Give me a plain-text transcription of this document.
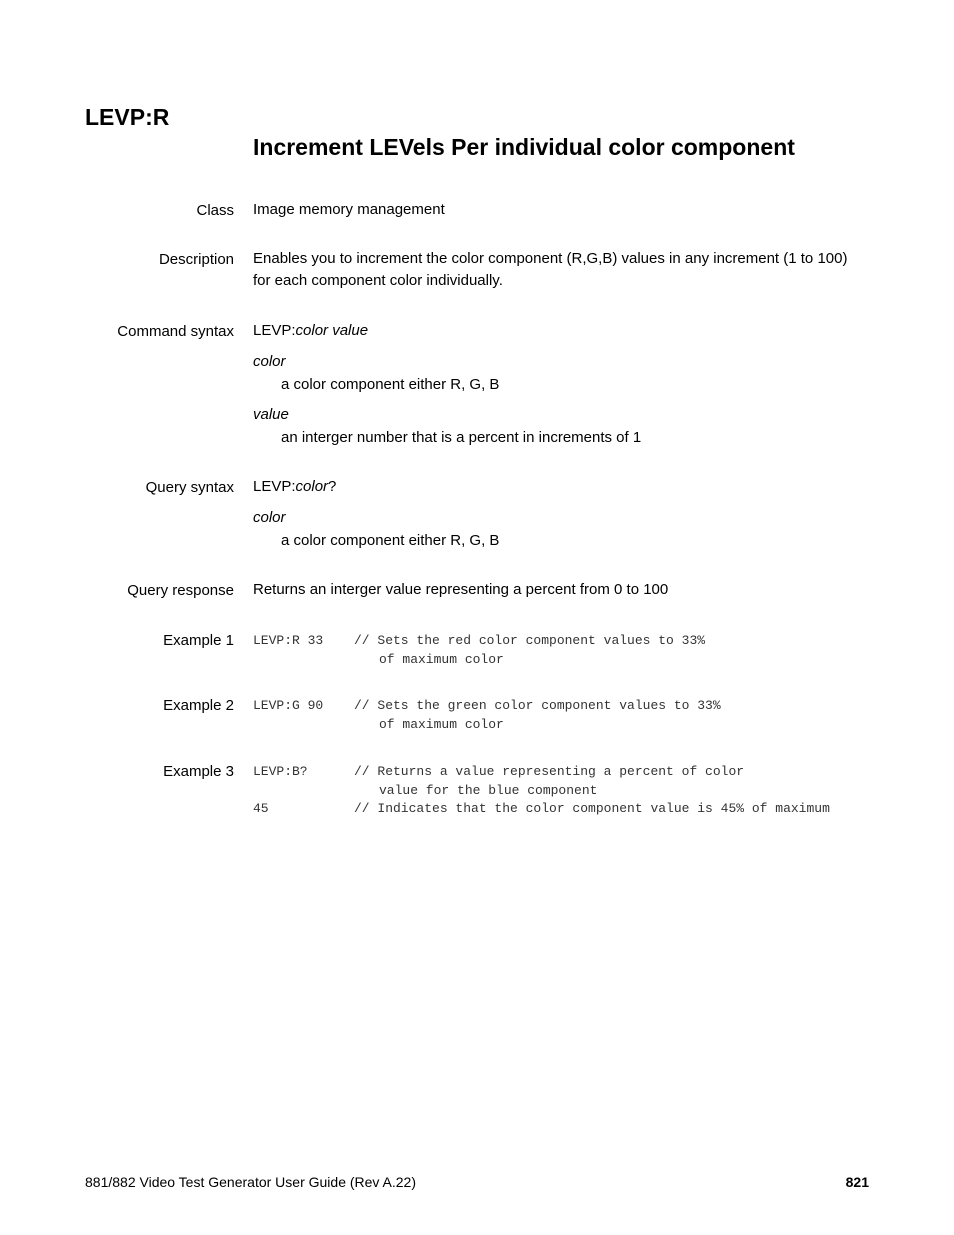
LEVP:R
Increment LEVels Per individual color component
Class Image memory management
Description Enables you to increment the color component (R,G,B) values in any increment (1 to 100)
for each component color individually.
Command syntax LEVP:color value
color
a color component either R, G, B
value
an interger number that is a percent in increments of 1
Query syntax LEVP:color?
color
a color component either R, G, B
Query response Returns an interger value representing a percent from 0 to 100
Example 1 LEVP:R 33 // Sets the red color component values to 33%
of maximum color
Example 2 LEVP:G 90 // Sets the green color component values to 33%
of maximum color
Example 3 LEVP:B?	// Returns a value representing a percent of color
value for the blue component
45	// Indicates that the color component value is 45% of maximum
881/882 Video Test Generator User Guide (Rev A.22)	821
